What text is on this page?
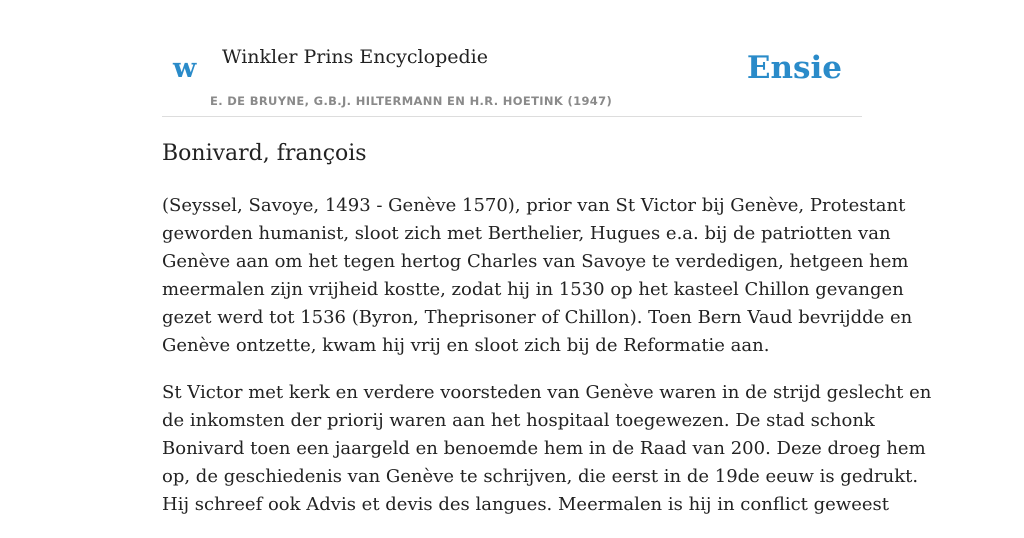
w Winkler Prins Encyclopedie	Ensie
E. DE BRUYNE, G.B.J. HILTERMANN EN H.R. HOETINK (1947)
Bonivard, françois

(Seyssel, Savoye, 1493 - Genève 1570), prior van St Victor bij Genève, Protestant
geworden humanist, sloot zich met Berthelier, Hugues e.a. bij de patriotten van
Genève aan om het tegen hertog Charles van Savoye te verdedigen, hetgeen hem
meermalen zijn vrijheid kostte, zodat hij in 1530 op het kasteel Chillon gevangen
gezet werd tot 1536 (Byron, Theprisoner of Chillon). Toen Bern Vaud bevrijdde en
Genève ontzette, kwam hij vrij en sloot zich bij de Reformatie aan.

St Victor met kerk en verdere voorsteden van Genève waren in de strijd geslecht en
de inkomsten der priorij waren aan het hospitaal toegewezen. De stad schonk
Bonivard toen een jaargeld en benoemde hem in de Raad van 200. Deze droeg hem
op, de geschiedenis van Genève te schrijven, die eerst in de 19de eeuw is gedrukt.
Hij schreef ook Advis et devis des langues. Meermalen is hij in conflict geweest
